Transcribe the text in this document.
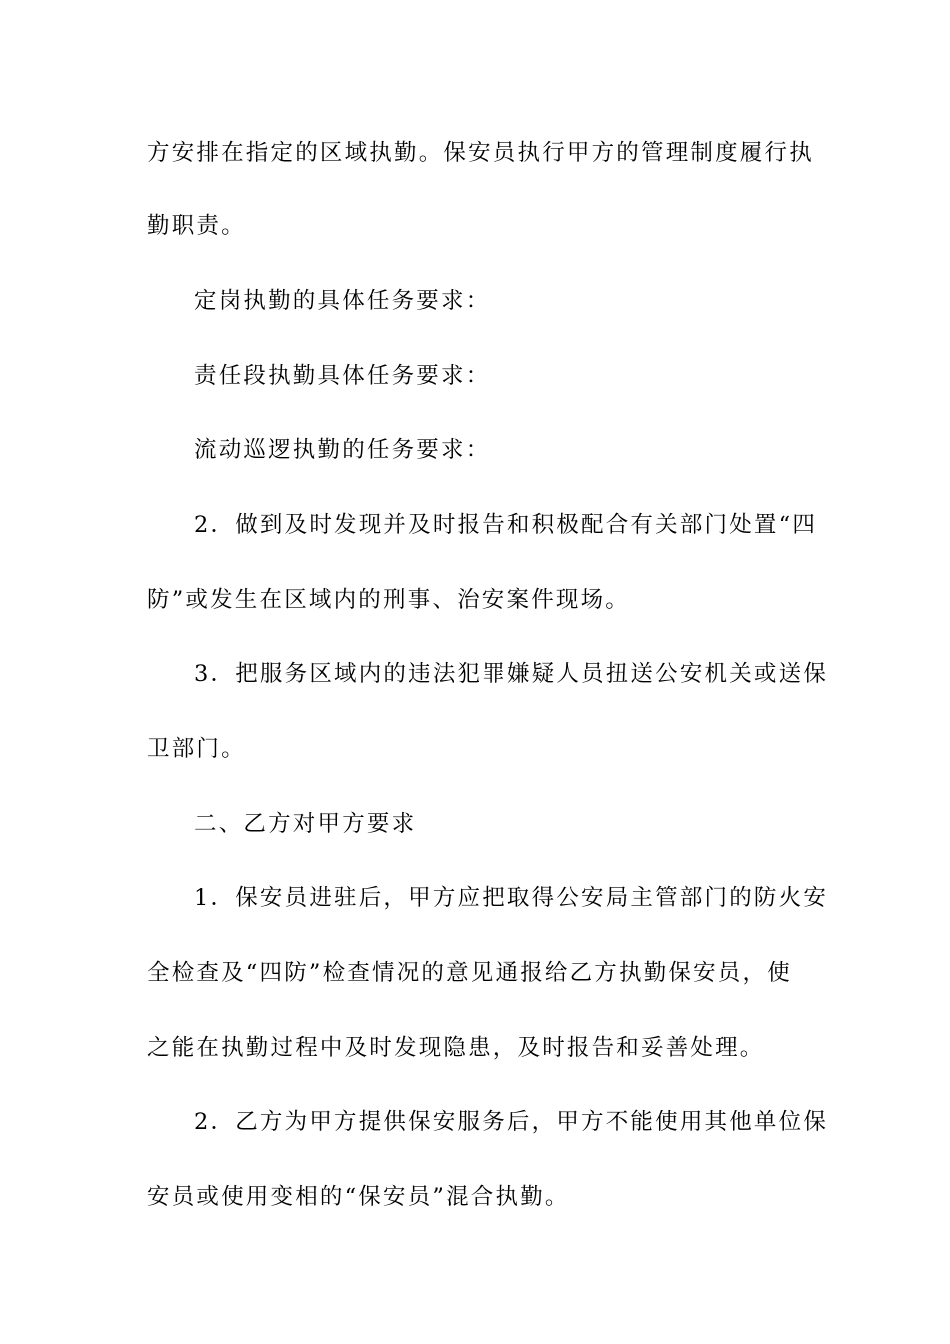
方安排在指定的区域执勤。保安员执行甲方的管理制度履行执
勤职责。
定岗执勤的具体任务要求：
责任段执勤具体任务要求：
流动巡逻执勤的任务要求：
2．做到及时发现并及时报告和积极配合有关部门处置“四
防”或发生在区域内的刑事、治安案件现场。
3．把服务区域内的违法犯罪嫌疑人员扭送公安机关或送保
卫部门。
二、乙方对甲方要求
1．保安员进驻后，甲方应把取得公安局主管部门的防火安
全检查及“四防”检查情况的意见通报给乙方执勤保安员，使
之能在执勤过程中及时发现隐患，及时报告和妥善处理。
2．乙方为甲方提供保安服务后，甲方不能使用其他单位保
安员或使用变相的“保安员”混合执勤。
